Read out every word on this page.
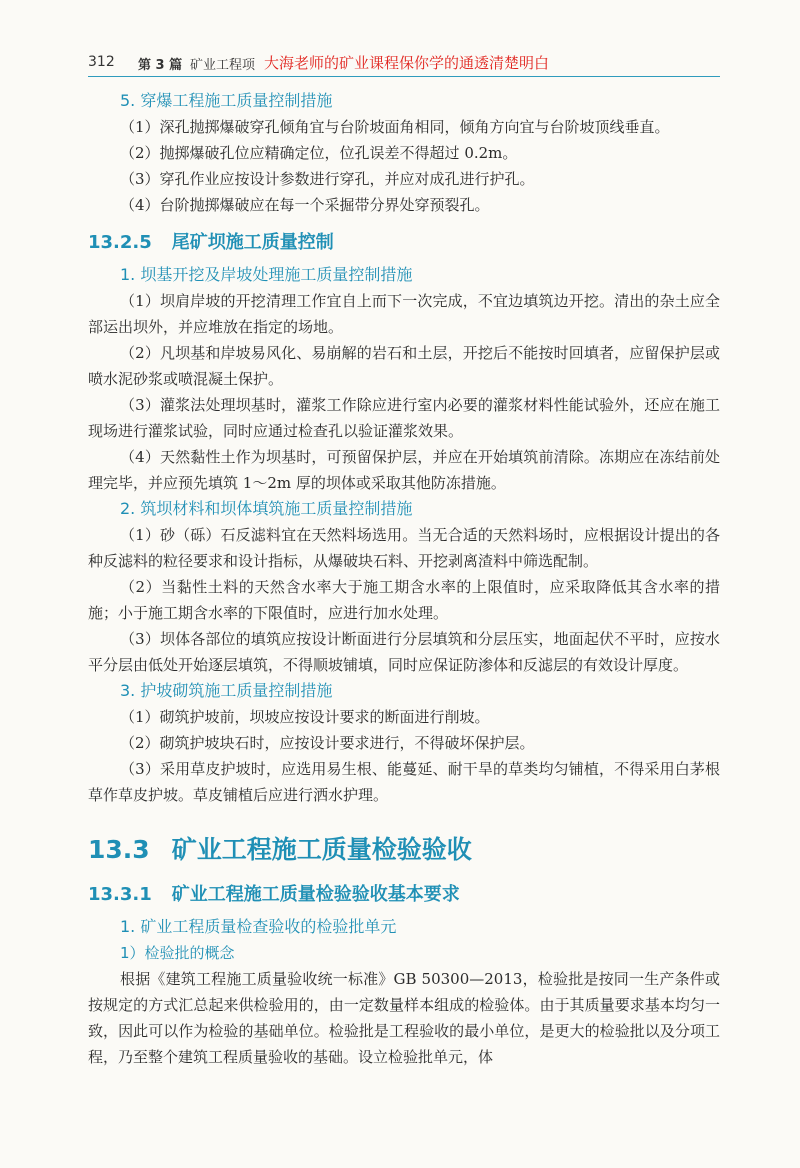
312 第 3 篇 矿业工程项 大海老师的矿业课程保你学的通透清楚明白
5. 穿爆工程施工质量控制措施

（1）深孔抛掷爆破穿孔倾角宜与台阶坡面角相同，倾角方向宜与台阶坡顶线垂直。

（2）抛掷爆破孔位应精确定位，位孔误差不得超过 0.2m。

（3）穿孔作业应按设计参数进行穿孔，并应对成孔进行护孔。

（4）台阶抛掷爆破应在每一个采掘带分界处穿预裂孔。

13.2.5 尾矿坝施工质量控制
1. 坝基开挖及岸坡处理施工质量控制措施

（1）坝肩岸坡的开挖清理工作宜自上而下一次完成，不宜边填筑边开挖。清出的杂土应全部运出坝外，并应堆放在指定的场地。

（2）凡坝基和岸坡易风化、易崩解的岩石和土层，开挖后不能按时回填者，应留保护层或喷水泥砂浆或喷混凝土保护。

（3）灌浆法处理坝基时，灌浆工作除应进行室内必要的灌浆材料性能试验外，还应在施工现场进行灌浆试验，同时应通过检查孔以验证灌浆效果。

（4）天然黏性土作为坝基时，可预留保护层，并应在开始填筑前清除。冻期应在冻结前处理完毕，并应预先填筑 1～2m 厚的坝体或采取其他防冻措施。

2. 筑坝材料和坝体填筑施工质量控制措施

（1）砂（砾）石反滤料宜在天然料场选用。当无合适的天然料场时，应根据设计提出的各种反滤料的粒径要求和设计指标，从爆破块石料、开挖剥离渣料中筛选配制。

（2）当黏性土料的天然含水率大于施工期含水率的上限值时，应采取降低其含水率的措施；小于施工期含水率的下限值时，应进行加水处理。

（3）坝体各部位的填筑应按设计断面进行分层填筑和分层压实，地面起伏不平时，应按水平分层由低处开始逐层填筑，不得顺坡铺填，同时应保证防渗体和反滤层的有效设计厚度。

3. 护坡砌筑施工质量控制措施

（1）砌筑护坡前，坝坡应按设计要求的断面进行削坡。

（2）砌筑护坡块石时，应按设计要求进行，不得破坏保护层。

（3）采用草皮护坡时，应选用易生根、能蔓延、耐干旱的草类均匀铺植，不得采用白茅根草作草皮护坡。草皮铺植后应进行洒水护理。

13.3 矿业工程施工质量检验验收
13.3.1 矿业工程施工质量检验验收基本要求
1. 矿业工程质量检查验收的检验批单元
1）检验批的概念

根据《建筑工程施工质量验收统一标准》GB 50300—2013，检验批是按同一生产条件或按规定的方式汇总起来供检验用的，由一定数量样本组成的检验体。由于其质量要求基本均匀一致，因此可以作为检验的基础单位。检验批是工程验收的最小单位，是更大的检验批以及分项工程，乃至整个建筑工程质量验收的基础。设立检验批单元，体
